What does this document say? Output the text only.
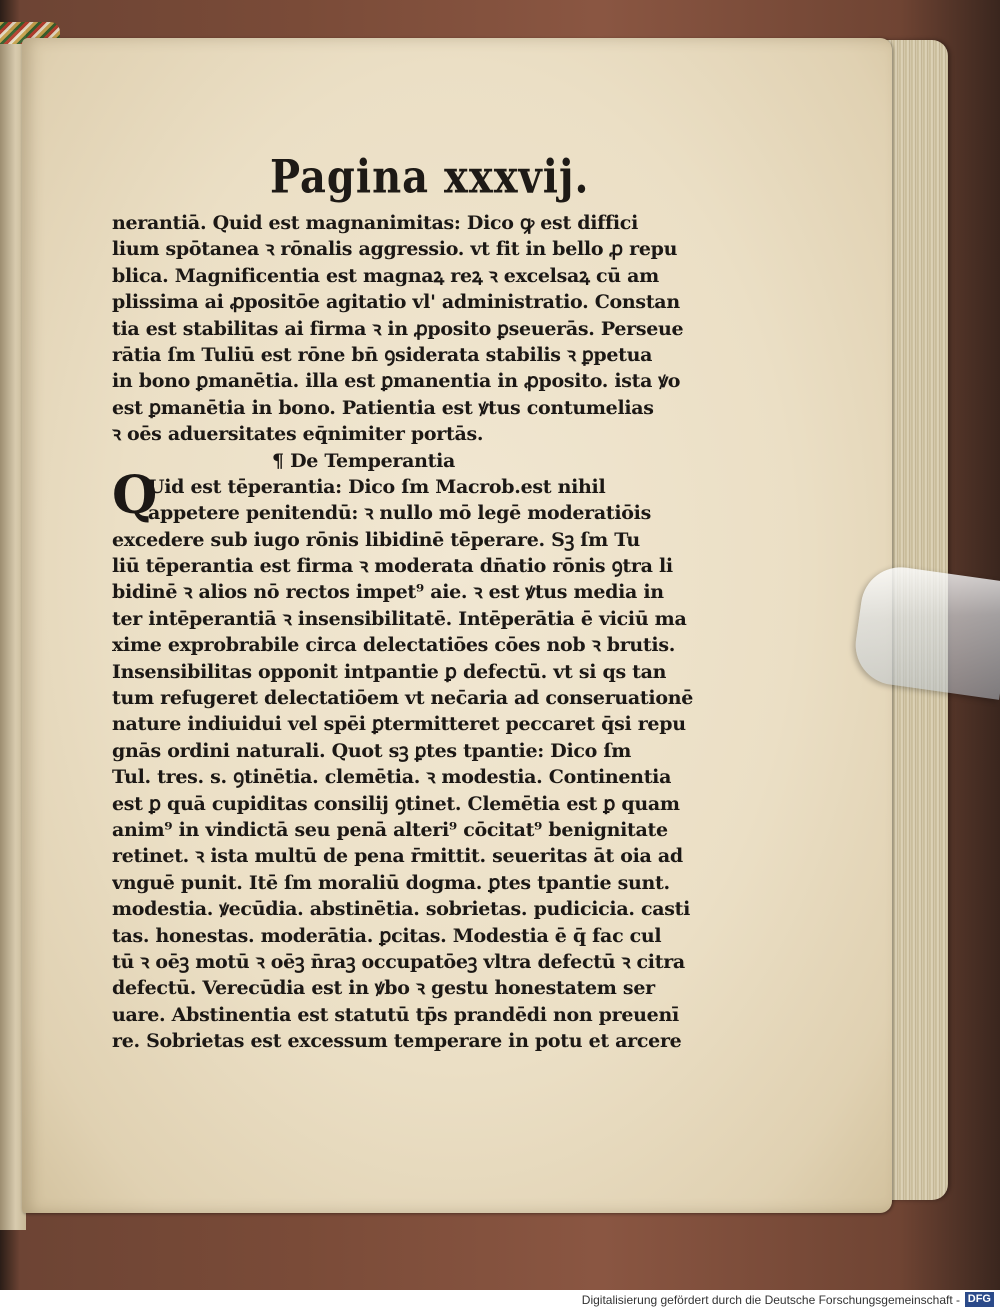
Pagina xxxvij.
Q
nerantiā. Quid est magnanimitas: Dico ꝙ est diffici
lium spōtanea ꝛ rōnalis aggressio. vt fit in bello ꝓ repu
blica. Magnificentia est magnaꝝ reꝝ ꝛ excelsaꝝ cū am
plissima ai ꝓpositōe agitatio vl' administratio. Constan
tia est stabilitas ai firma ꝛ in ꝓposito ꝑseuerās. Perseue
rātia ſm Tuliū est rōne bn̄ ꝯsiderata stabilis ꝛ ꝑpetua
in bono ꝑmanētia. illa est ꝑmanentia in ꝓposito. ista ꝟo
est ꝑmanētia in bono. Patientia est ꝟtus contumelias
ꝛ oēs aduersitates eq̄nimiter portās.
¶ De Temperantia
Uid est tēperantia: Dico ſm Macrob.est nihil
appetere penitendū: ꝛ nullo mō legē moderatiōis
excedere sub iugo rōnis libidinē tēperare. Sꝫ ſm Tu
liū tēperantia est firma ꝛ moderata dn̄atio rōnis ꝯtra li
bidinē ꝛ alios nō rectos impet⁹ aie. ꝛ est ꝟtus media in
ter intēperantiā ꝛ insensibilitatē. Intēperātia ē viciū ma
xime exprobrabile circa delectatiōes cōes nob ꝛ brutis.
Insensibilitas opponit intpantie ꝑ defectū. vt si qs tan
tum refugeret delectatiōem vt nec̄aria ad conseruationē
nature indiuidui vel spēi ꝑtermitteret peccaret q̄si repu
gnās ordini naturali. Quot sꝫ ꝑtes tpantie: Dico ſm
Tul. tres. s. ꝯtinētia. clemētia. ꝛ modestia. Continentia
est ꝑ quā cupiditas consilij ꝯtinet. Clemētia est ꝑ quam
anim⁹ in vindictā seu penā alteri⁹ cōcitat⁹ benignitate
retinet. ꝛ ista multū de pena r̄mittit. seueritas āt oia ad
vnguē punit. Itē ſm moraliū dogma. ꝑtes tpantie sunt.
modestia. ꝟecūdia. abstinētia. sobrietas. pudicicia. casti
tas. honestas. moderātia. ꝑcitas. Modestia ē q̄ fac cul
tū ꝛ oēꝫ motū ꝛ oēꝫ n̄raꝫ occupatōeꝫ vltra defectū ꝛ citra
defectū. Verecūdia est in ꝟbo ꝛ gestu honestatem ser
uare. Abstinentia est statutū tp̄s prandēdi non preuenī
re. Sobrietas est excessum temperare in potu et arcere
Digitalisierung gefördert durch die Deutsche Forschungsgemeinschaft - DFG
